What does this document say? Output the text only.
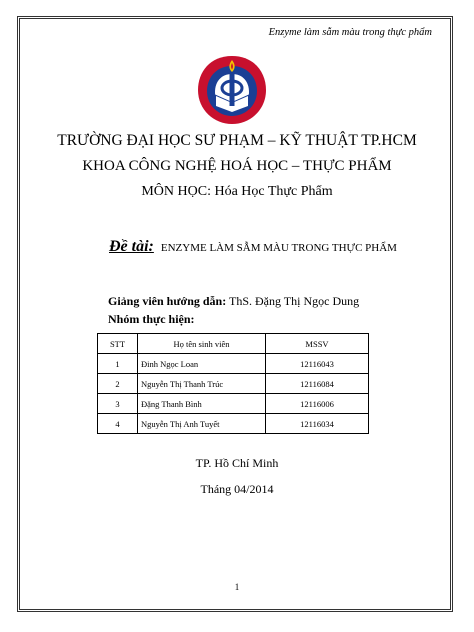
Enzyme làm sẫm màu trong thực phẩm
TRƯỜNG ĐẠI HỌC SƯ PHẠM – KỸ THUẬT TP.HCM
KHOA CÔNG NGHỆ HOÁ HỌC – THỰC PHẨM
MÔN HỌC: Hóa Học Thực Phẩm
Đề tài: ENZYME LÀM SẪM MÀU TRONG THỰC PHẨM
Giảng viên hướng dẫn: ThS. Đặng Thị Ngọc Dung
Nhóm thực hiện:
STT	Họ tên sinh viên	MSSV
1	Đinh Ngọc Loan	12116043
2	Nguyễn Thị Thanh Trúc	12116084
3	Đặng Thanh Bình	12116006
4	Nguyễn Thị Anh Tuyết	12116034
TP. Hồ Chí Minh
Tháng 04/2014
1
